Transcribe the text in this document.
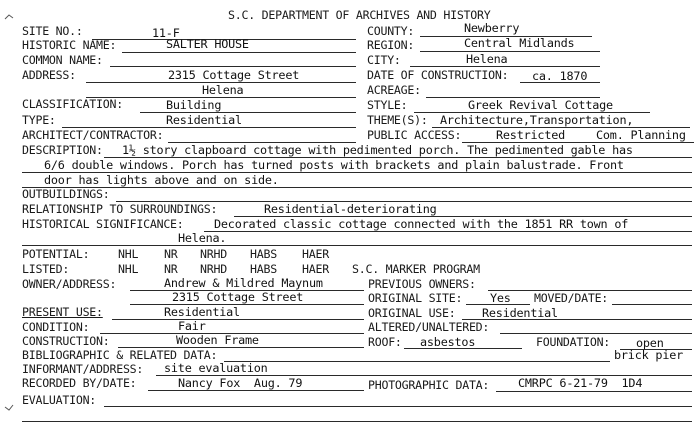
S.C. DEPARTMENT OF ARCHIVES AND HISTORY
SITE NO.:	11-F	COUNTY:	Newberry
HISTORIC NAME:	SALTER HOUSE	REGION:	Central Midlands
COMMON NAME:	CITY:	Helena
ADDRESS:	2315 Cottage Street	DATE OF CONSTRUCTION: ca. 1870
Helena	ACREAGE:
CLASSIFICATION:	Building	STYLE:	Greek Revival Cottage
TYPE:	Residential	THEME(S): Architecture,Transportation,
ARCHITECT/CONTRACTOR:	PUBLIC ACCESS:	Restricted	Com. Planning
DESCRIPTION: 1½ story clapboard cottage with pedimented porch. The pedimented gable has
6/6 double windows. Porch has turned posts with brackets and plain balustrade. Front
door has lights above and on side.
OUTBUILDINGS:
RELATIONSHIP TO SURROUNDINGS:	Residential-deteriorating
HISTORICAL SIGNIFICANCE:	Decorated classic cottage connected with the 1851 RR town of
Helena.
POTENTIAL: NHL NR NRHD HABS HAER
LISTED:	NHL NR NRHD HABS HAER S.C. MARKER PROGRAM
OWNER/ADDRESS:	Andrew & Mildred Maynum	PREVIOUS OWNERS:
2315 Cottage Street	ORIGINAL SITE: Yes MOVED/DATE:
PRESENT USE:	Residential	ORIGINAL USE: Residential
CONDITION:	Fair	ALTERED/UNALTERED:
CONSTRUCTION:	Wooden Frame	ROOF: asbestos	FOUNDATION: open
BIBLIOGRAPHIC & RELATED DATA:	brick pier
INFORMANT/ADDRESS: site evaluation
RECORDED BY/DATE:	Nancy Fox  Aug. 79	PHOTOGRAPHIC DATA: CMRPC 6-21-79  1D4
EVALUATION:
